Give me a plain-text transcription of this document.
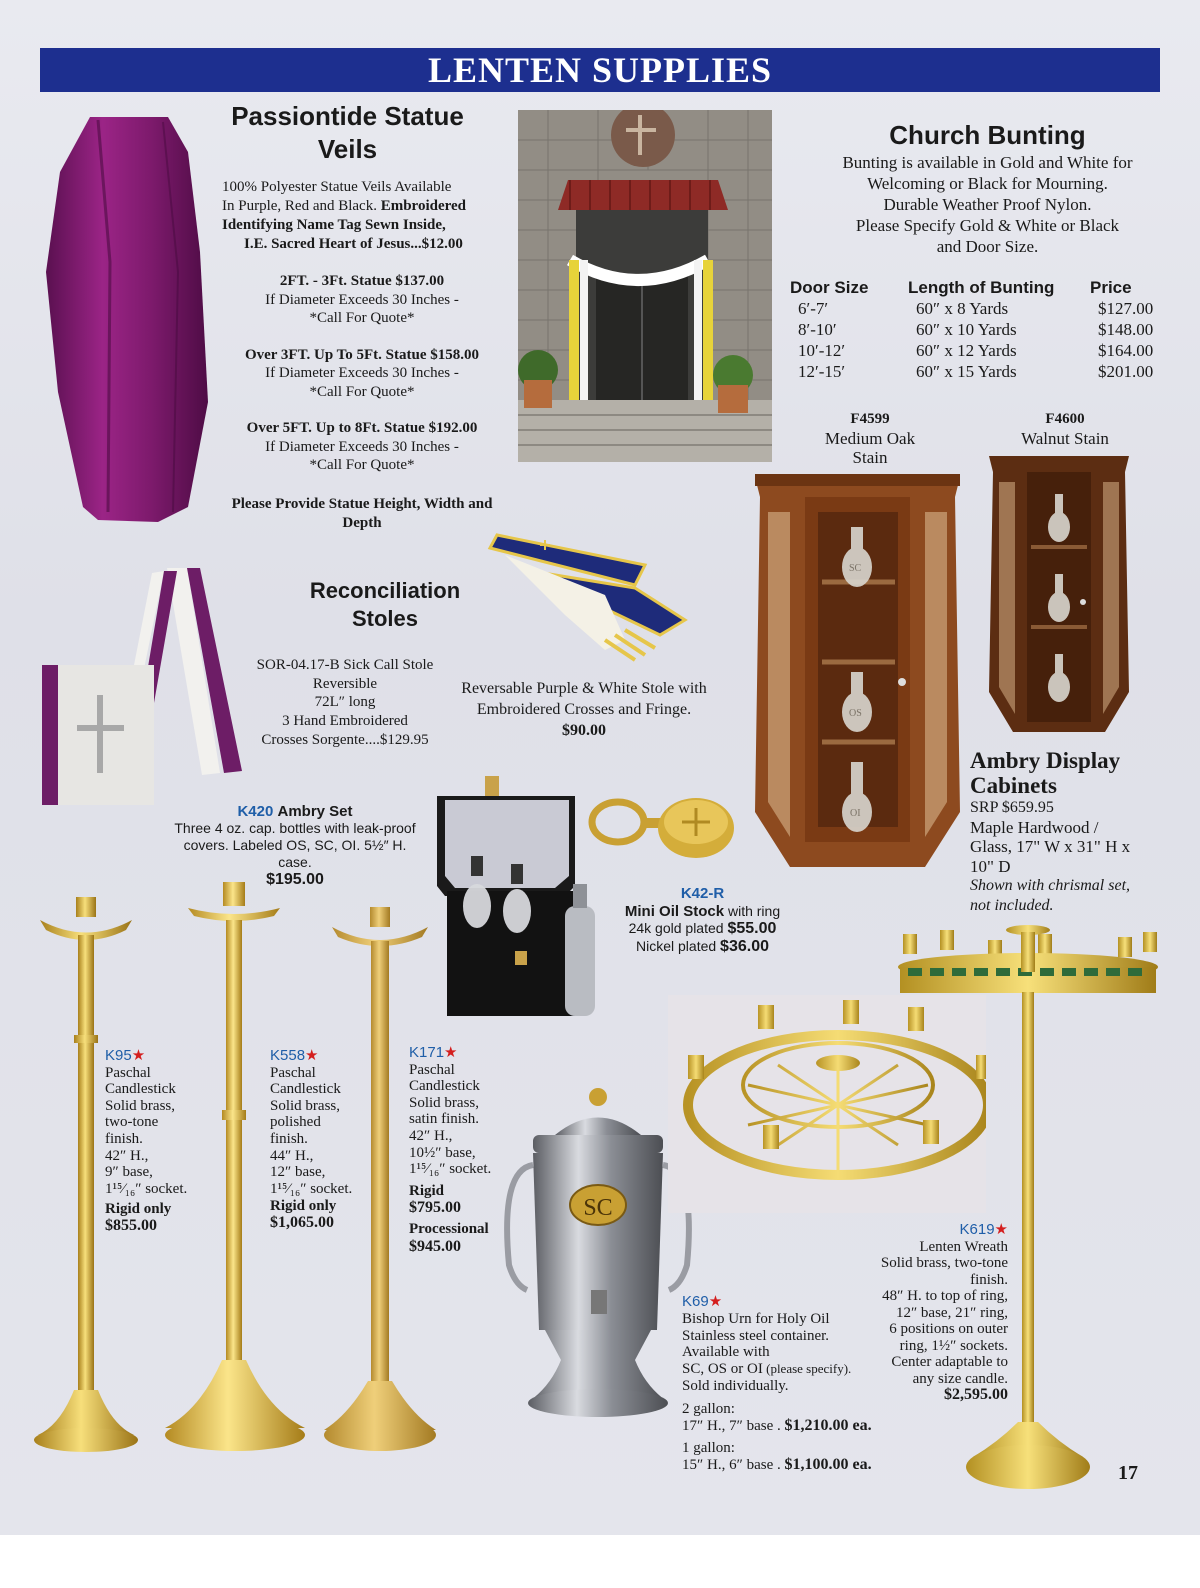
LENTEN SUPPLIES
Passiontide Statue
Veils
100% Polyester Statue Veils Available
In Purple, Red and Black. Embroidered
Identifying Name Tag Sewn Inside,
I.E. Sacred Heart of Jesus...$12.00
2FT. - 3Ft. Statue $137.00
If Diameter Exceeds 30 Inches -
*Call For Quote*
Over 3FT. Up To 5Ft. Statue $158.00
If Diameter Exceeds 30 Inches -
*Call For Quote*
Over 5FT. Up to 8Ft. Statue $192.00
If Diameter Exceeds 30 Inches -
*Call For Quote*
Please Provide Statue Height, Width and
Depth
Church Bunting
Bunting is available in Gold and White for
Welcoming or Black for Mourning.
Durable Weather Proof Nylon.
Please Specify Gold & White or Black
and Door Size.
Door Size	Length of Bunting	Price
6′-7′	60″ x 8 Yards	$127.00
8′-10′	60″ x 10 Yards	$148.00
10′-12′	60″ x 12 Yards	$164.00
12′-15′	60″ x 15 Yards	$201.00
F4599
Medium Oak
Stain
F4600
Walnut Stain
SC
OS
OI
Ambry Display
Cabinets
SRP $659.95
Maple Hardwood /
Glass, 17" W x 31" H x
10" D
Shown with chrismal set,
not included.
Reconciliation
Stoles
SOR-04.17-B Sick Call Stole
Reversible
72L″ long
3 Hand Embroidered
Crosses Sorgente....$129.95
Reversable Purple & White Stole with
Embroidered Crosses and Fringe.
$90.00
K420 Ambry Set
Three 4 oz. cap. bottles with leak-proof
covers. Labeled OS, SC, OI. 5½″ H. case.
$195.00
K42-R
Mini Oil Stock with ring
24k gold plated $55.00
Nickel plated $36.00
K95★
Paschal
Candlestick
Solid brass,
two-tone
finish.
42″ H.,
9″ base,
1¹⁵⁄₁₆″ socket.
Rigid only
$855.00
K558★
Paschal
Candlestick
Solid brass,
polished
finish.
44″ H.,
12″ base,
1¹⁵⁄₁₆″ socket.
Rigid only
$1,065.00
K171★
Paschal
Candlestick
Solid brass,
satin finish.
42″ H.,
10½″ base,
1¹⁵⁄₁₆″ socket.
Rigid
$795.00
Processional
$945.00
SC
K69★
Bishop Urn for Holy Oil
Stainless steel container.
Available with
SC, OS or OI (please specify).
Sold individually.
2 gallon:
17″ H., 7″ base . $1,210.00 ea.
1 gallon:
15″ H., 6″ base . $1,100.00 ea.
K619★
Lenten Wreath
Solid brass, two-tone
finish.
48″ H. to top of ring,
12″ base, 21″ ring,
6 positions on outer
ring, 1½″ sockets.
Center adaptable to
any size candle.
$2,595.00
17
